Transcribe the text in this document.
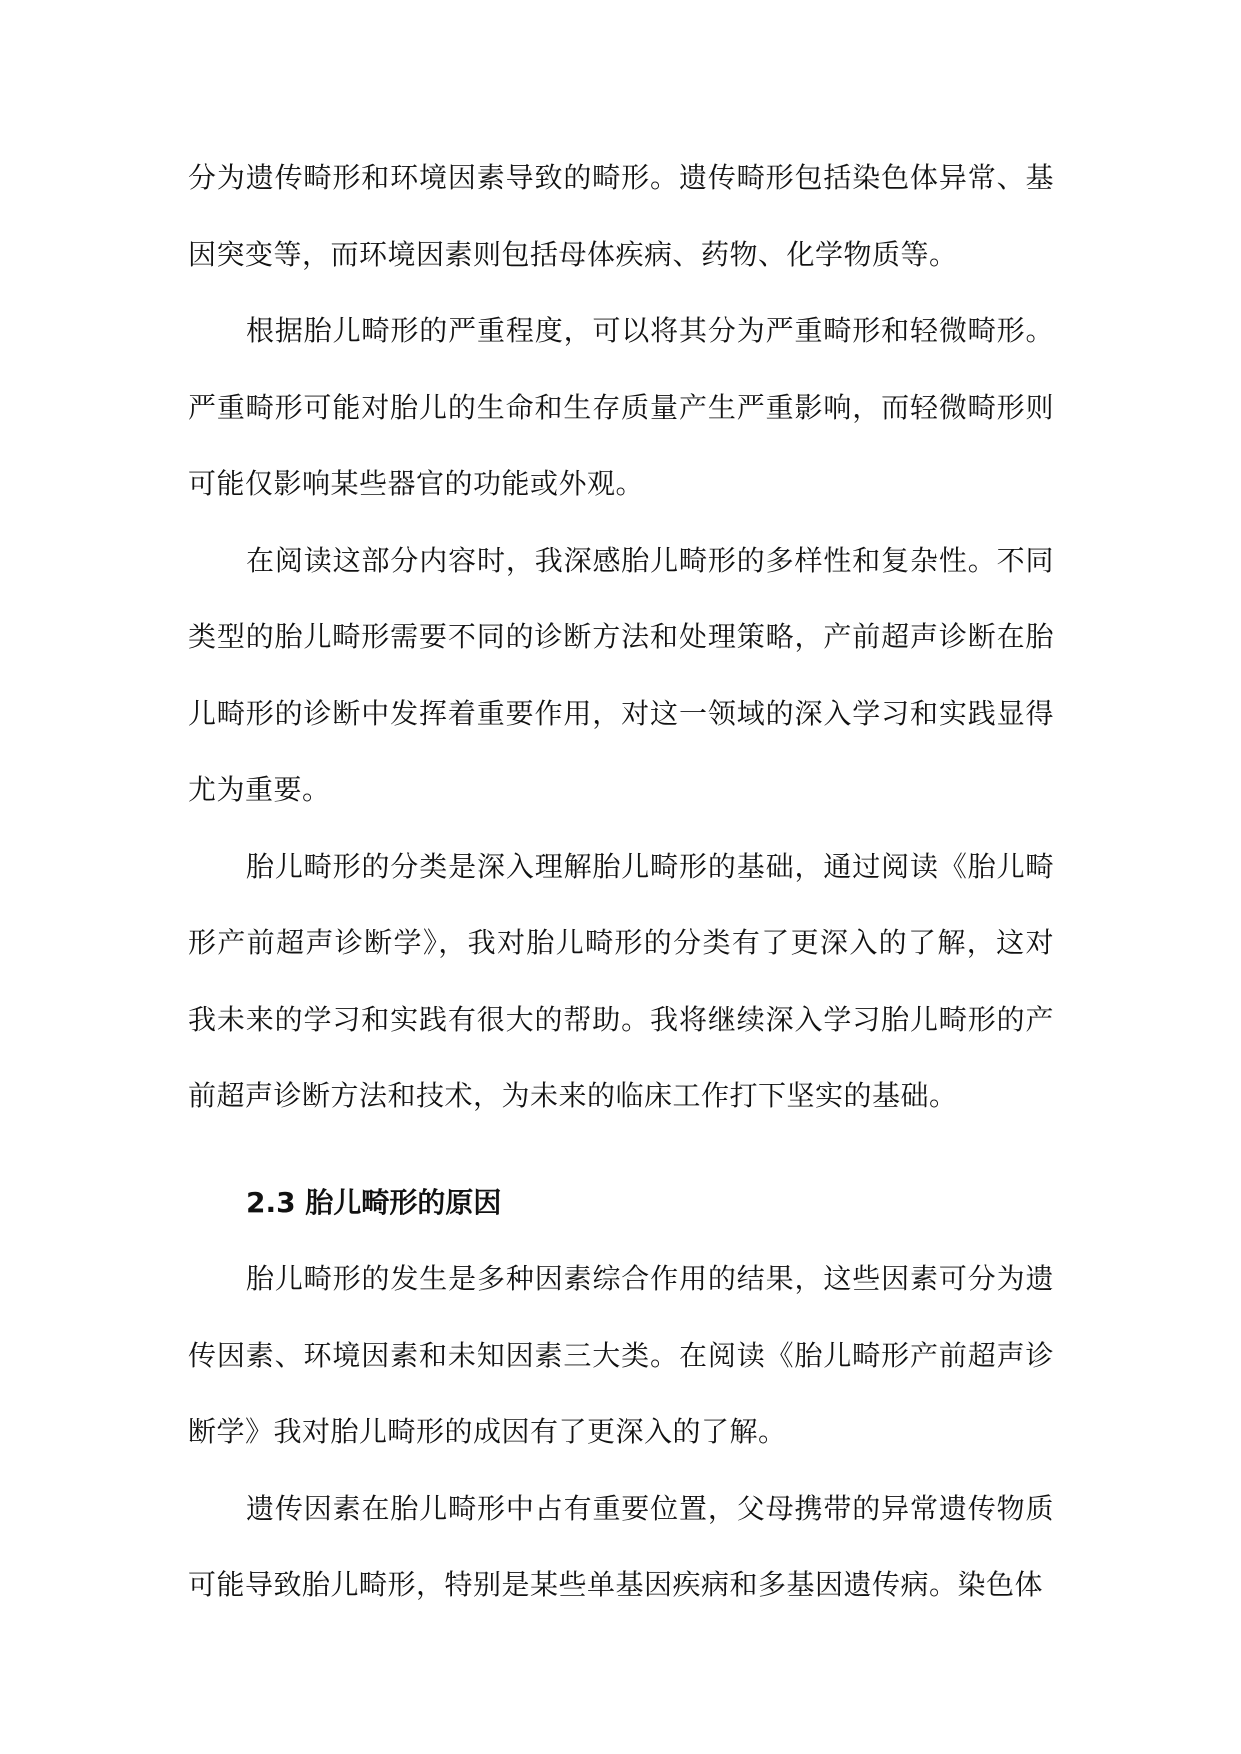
分为遗传畸形和环境因素导致的畸形。遗传畸形包括染色体异常、基因突变等，而环境因素则包括母体疾病、药物、化学物质等。

根据胎儿畸形的严重程度，可以将其分为严重畸形和轻微畸形。严重畸形可能对胎儿的生命和生存质量产生严重影响，而轻微畸形则可能仅影响某些器官的功能或外观。

在阅读这部分内容时，我深感胎儿畸形的多样性和复杂性。不同类型的胎儿畸形需要不同的诊断方法和处理策略，产前超声诊断在胎儿畸形的诊断中发挥着重要作用，对这一领域的深入学习和实践显得尤为重要。

胎儿畸形的分类是深入理解胎儿畸形的基础，通过阅读《胎儿畸形产前超声诊断学》，我对胎儿畸形的分类有了更深入的了解，这对我未来的学习和实践有很大的帮助。我将继续深入学习胎儿畸形的产前超声诊断方法和技术，为未来的临床工作打下坚实的基础。

2.3 胎儿畸形的原因

胎儿畸形的发生是多种因素综合作用的结果，这些因素可分为遗传因素、环境因素和未知因素三大类。在阅读《胎儿畸形产前超声诊断学》我对胎儿畸形的成因有了更深入的了解。

遗传因素在胎儿畸形中占有重要位置，父母携带的异常遗传物质可能导致胎儿畸形，特别是某些单基因疾病和多基因遗传病。染色体
